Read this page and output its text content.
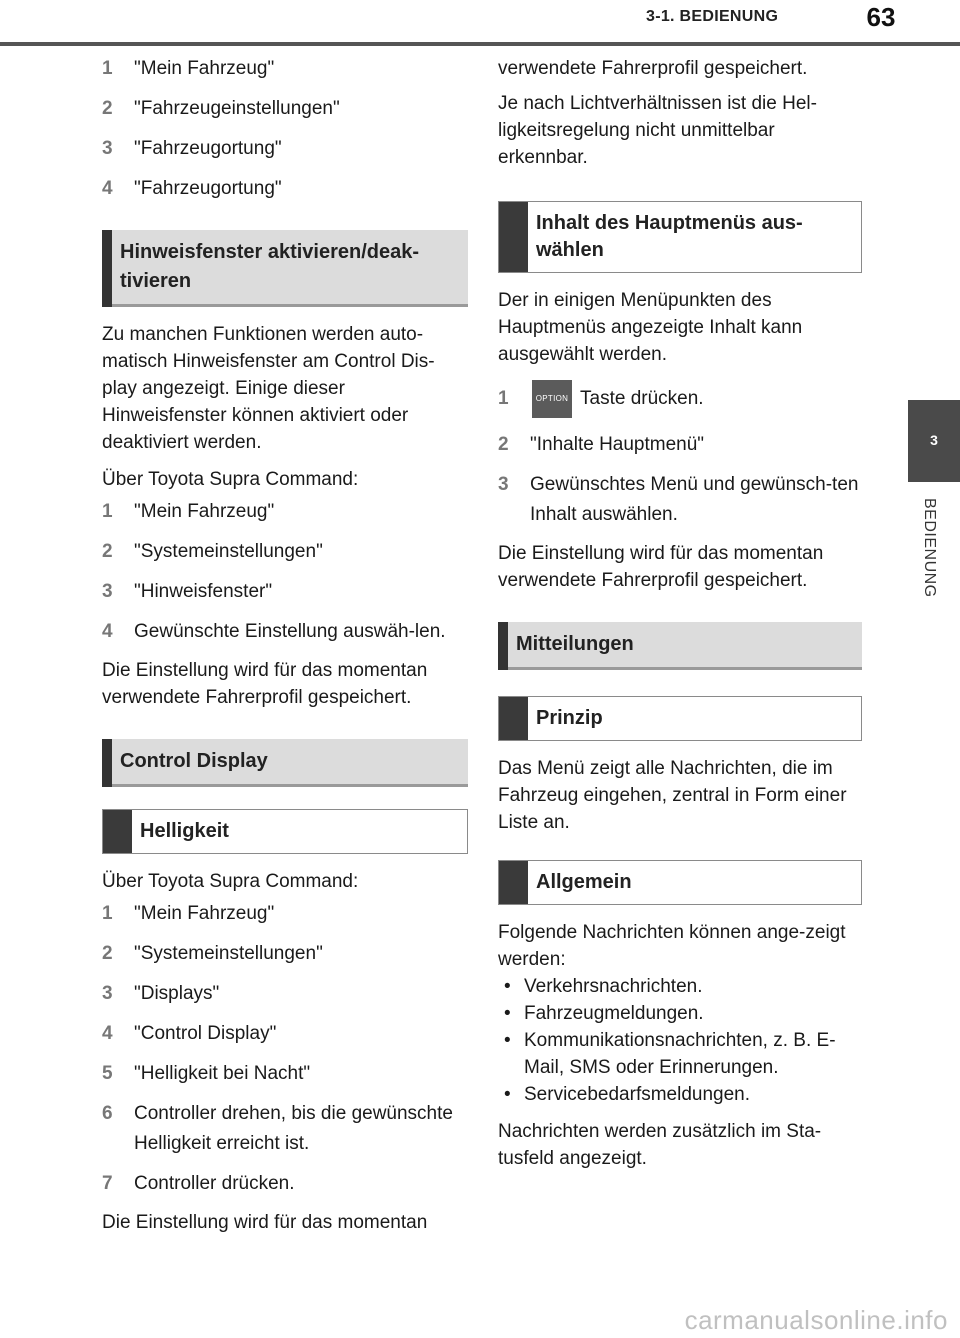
3-1. BEDIENUNG	63
3
BEDIENUNG
1 "Mein Fahrzeug"
2 "Fahrzeugeinstellungen"
3 "Fahrzeugortung"
4 "Fahrzeugortung"
Hinweisfenster aktivieren/deak-tivieren
Zu manchen Funktionen werden auto-matisch Hinweisfenster am Control Dis-play angezeigt. Einige dieser Hinweisfenster können aktiviert oder deaktiviert werden.
Über Toyota Supra Command:
1 "Mein Fahrzeug"
2 "Systemeinstellungen"
3 "Hinweisfenster"
4 Gewünschte Einstellung auswäh-len.
Die Einstellung wird für das momentan verwendete Fahrerprofil gespeichert.
Control Display
Helligkeit
Über Toyota Supra Command:
1 "Mein Fahrzeug"
2 "Systemeinstellungen"
3 "Displays"
4 "Control Display"
5 "Helligkeit bei Nacht"
6 Controller drehen, bis die gewünschte Helligkeit erreicht ist.
7 Controller drücken.
Die Einstellung wird für das momentan
verwendete Fahrerprofil gespeichert.
Je nach Lichtverhältnissen ist die Hel-ligkeitsregelung nicht unmittelbar erkennbar.
Inhalt des Hauptmenüs aus-wählen
Der in einigen Menüpunkten des Hauptmenüs angezeigte Inhalt kann ausgewählt werden.
1	OPTION Taste drücken.
2 "Inhalte Hauptmenü"
3 Gewünschtes Menü und gewünsch-ten Inhalt auswählen.
Die Einstellung wird für das momentan verwendete Fahrerprofil gespeichert.
Mitteilungen
Prinzip
Das Menü zeigt alle Nachrichten, die im Fahrzeug eingehen, zentral in Form einer Liste an.
Allgemein
Folgende Nachrichten können ange-zeigt werden:
• Verkehrsnachrichten.
• Fahrzeugmeldungen.
• Kommunikationsnachrichten, z. B. E-Mail, SMS oder Erinnerungen.
• Servicebedarfsmeldungen.
Nachrichten werden zusätzlich im Sta-tusfeld angezeigt.
carmanualsonline.info
